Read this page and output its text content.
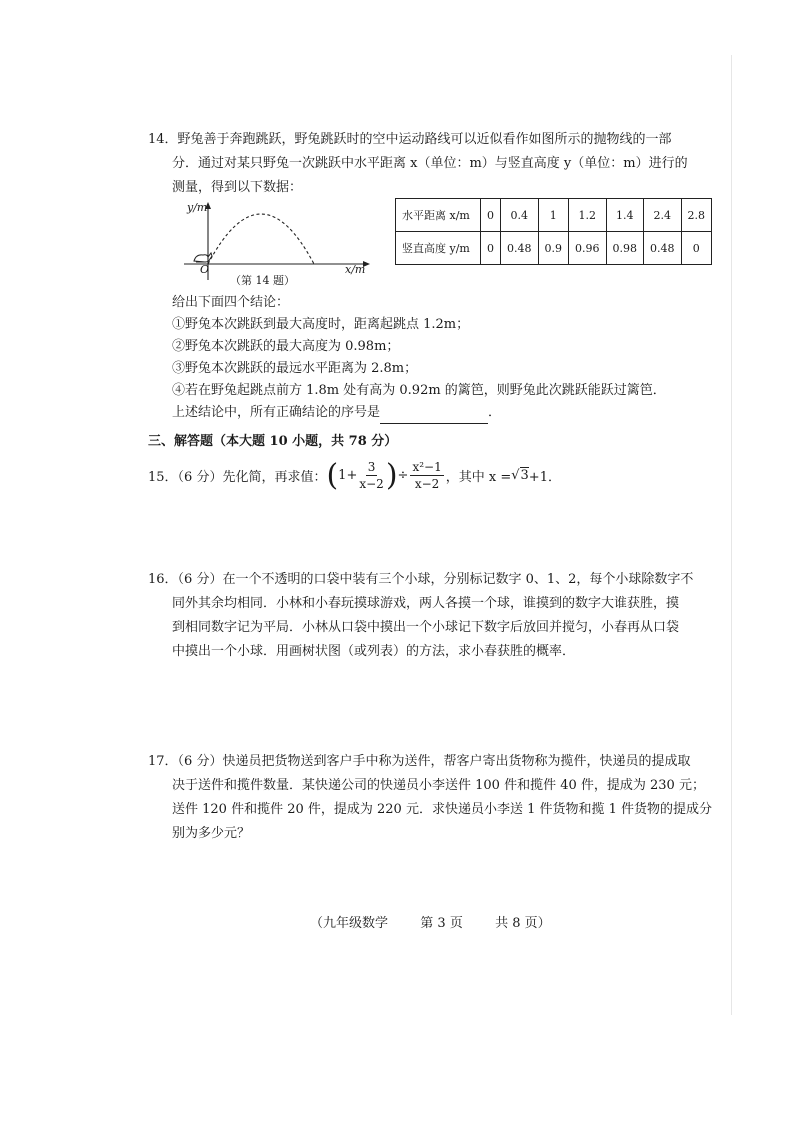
14．野兔善于奔跑跳跃，野兔跳跃时的空中运动路线可以近似看作如图所示的抛物线的一部
分．通过对某只野兔一次跳跃中水平距离 x（单位：m）与竖直高度 y（单位：m）进行的
测量，得到以下数据：
y/m
O	x/m
（第 14 题）
水平距离 x/m	0	0.4	1	1.2	1.4	2.4	2.8
竖直高度 y/m	0	0.48	0.9	0.96	0.98	0.48	0
给出下面四个结论：
①野兔本次跳跃到最大高度时，距离起跳点 1.2m；
②野兔本次跳跃的最大高度为 0.98m；
③野兔本次跳跃的最远水平距离为 2.8m；
④若在野兔起跳点前方 1.8m 处有高为 0.92m 的篱笆，则野兔此次跳跃能跃过篱笆．
上述结论中，所有正确结论的序号是	．
三、解答题（本大题 10 小题，共 78 分）
15．（6 分）先化简，再求值： ( $1+ \frac{3}{x-2}$ ) ÷ $\frac{\text{x²−1}}{x-2}$ ，其中 x = √ 3 +1．
16．（6 分）在一个不透明的口袋中装有三个小球，分别标记数字 0、1、2，每个小球除数字不
同外其余均相同．小林和小春玩摸球游戏，两人各摸一个球，谁摸到的数字大谁获胜，摸
到相同数字记为平局．小林从口袋中摸出一个小球记下数字后放回并搅匀，小春再从口袋
中摸出一个小球．用画树状图（或列表）的方法，求小春获胜的概率．
17．（6 分）快递员把货物送到客户手中称为送件，帮客户寄出货物称为揽件，快递员的提成取
决于送件和揽件数量．某快递公司的快递员小李送件 100 件和揽件 40 件，提成为 230 元；
送件 120 件和揽件 20 件，提成为 220 元．求快递员小李送 1 件货物和揽 1 件货物的提成分
别为多少元？
（九年级数学 第 3 页 共 8 页）
